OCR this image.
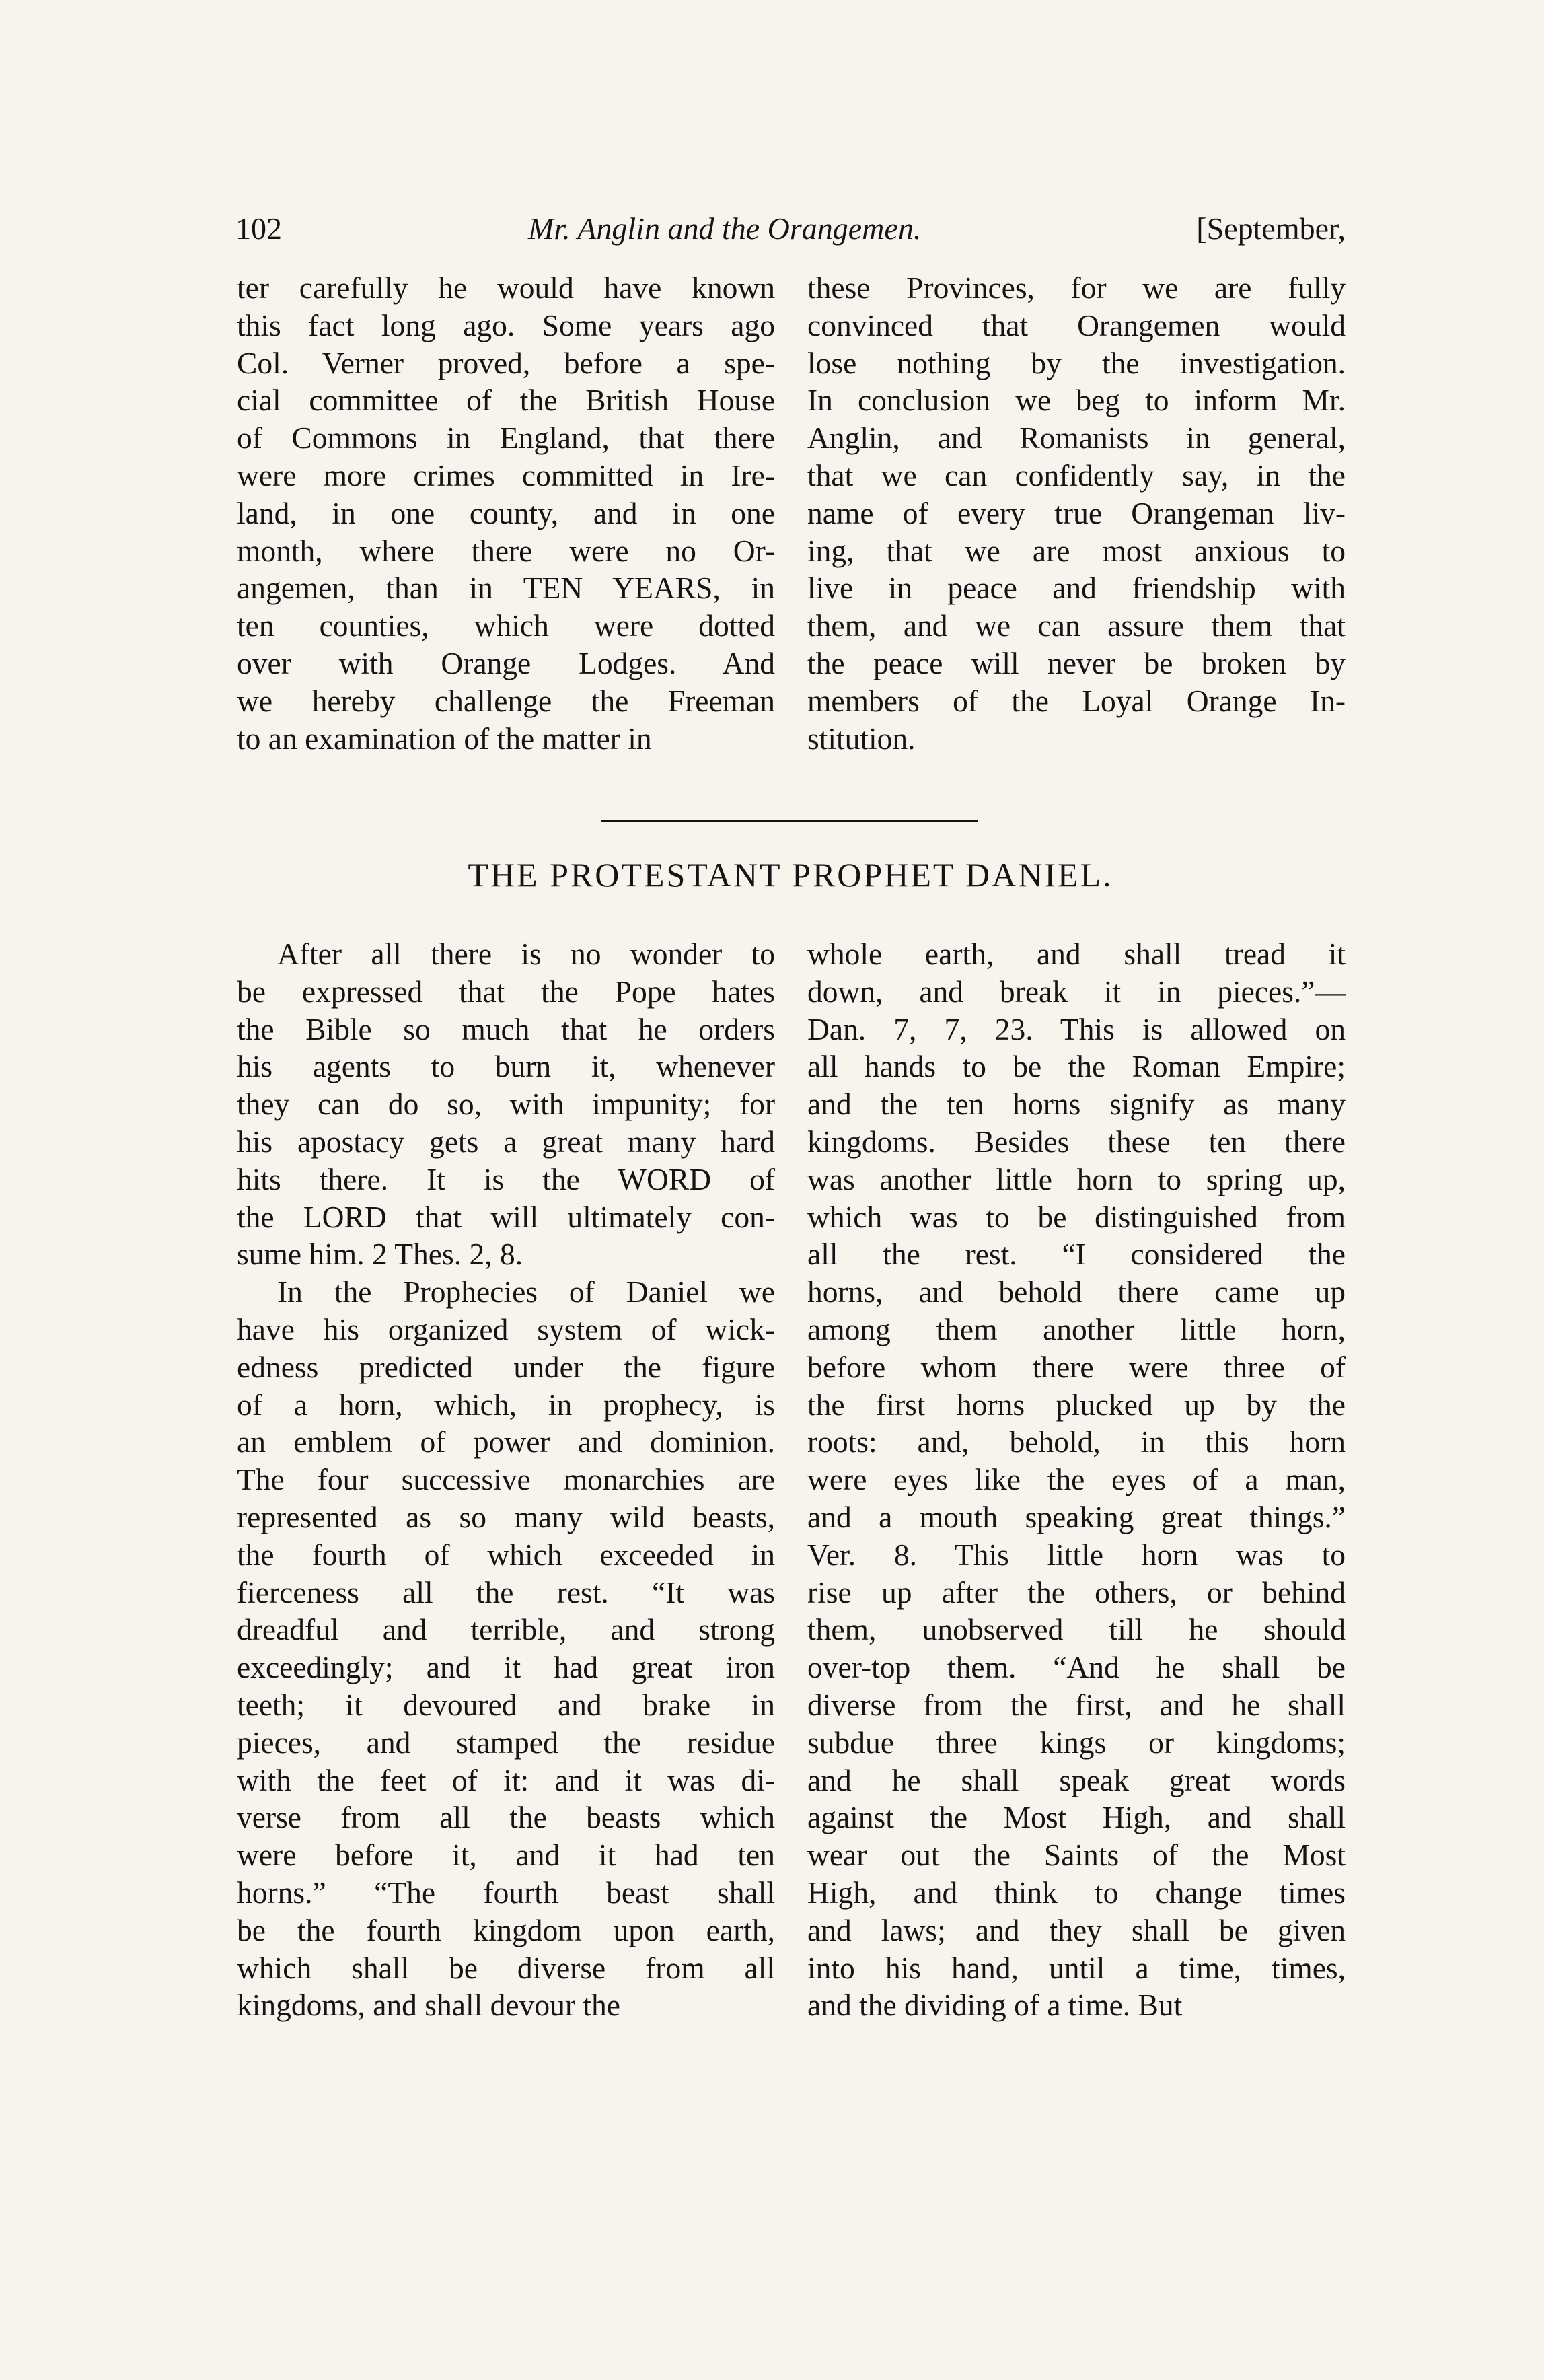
102	Mr. Anglin and the Orangemen.	[September,
ter carefully he would have known
this fact long ago. Some years ago
Col. Verner proved, before a spe-
cial committee of the British House
of Commons in England, that there
were more crimes committed in Ire-
land, in one county, and in one
month, where there were no Or-
angemen, than in TEN YEARS, in
ten counties, which were dotted
over with Orange Lodges. And
we hereby challenge the Freeman
to an examination of the matter in
these Provinces, for we are fully
convinced that Orangemen would
lose nothing by the investigation.
In conclusion we beg to inform Mr.
Anglin, and Romanists in general,
that we can confidently say, in the
name of every true Orangeman liv-
ing, that we are most anxious to
live in peace and friendship with
them, and we can assure them that
the peace will never be broken by
members of the Loyal Orange In-
stitution.
THE PROTESTANT PROPHET DANIEL.
After all there is no wonder to
be expressed that the Pope hates
the Bible so much that he orders
his agents to burn it, whenever
they can do so, with impunity; for
his apostacy gets a great many hard
hits there. It is the WORD of
the LORD that will ultimately con-
sume him. 2 Thes. 2, 8.
In the Prophecies of Daniel we
have his organized system of wick-
edness predicted under the figure
of a horn, which, in prophecy, is
an emblem of power and dominion.
The four successive monarchies are
represented as so many wild beasts,
the fourth of which exceeded in
fierceness all the rest. “It was
dreadful and terrible, and strong
exceedingly; and it had great iron
teeth; it devoured and brake in
pieces, and stamped the residue
with the feet of it: and it was di-
verse from all the beasts which
were before it, and it had ten
horns.” “The fourth beast shall
be the fourth kingdom upon earth,
which shall be diverse from all
kingdoms, and shall devour the
whole earth, and shall tread it
down, and break it in pieces.”—
Dan. 7, 7, 23. This is allowed on
all hands to be the Roman Empire;
and the ten horns signify as many
kingdoms. Besides these ten there
was another little horn to spring up,
which was to be distinguished from
all the rest. “I considered the
horns, and behold there came up
among them another little horn,
before whom there were three of
the first horns plucked up by the
roots: and, behold, in this horn
were eyes like the eyes of a man,
and a mouth speaking great things.”
Ver. 8. This little horn was to
rise up after the others, or behind
them, unobserved till he should
over-top them. “And he shall be
diverse from the first, and he shall
subdue three kings or kingdoms;
and he shall speak great words
against the Most High, and shall
wear out the Saints of the Most
High, and think to change times
and laws; and they shall be given
into his hand, until a time, times,
and the dividing of a time. But
